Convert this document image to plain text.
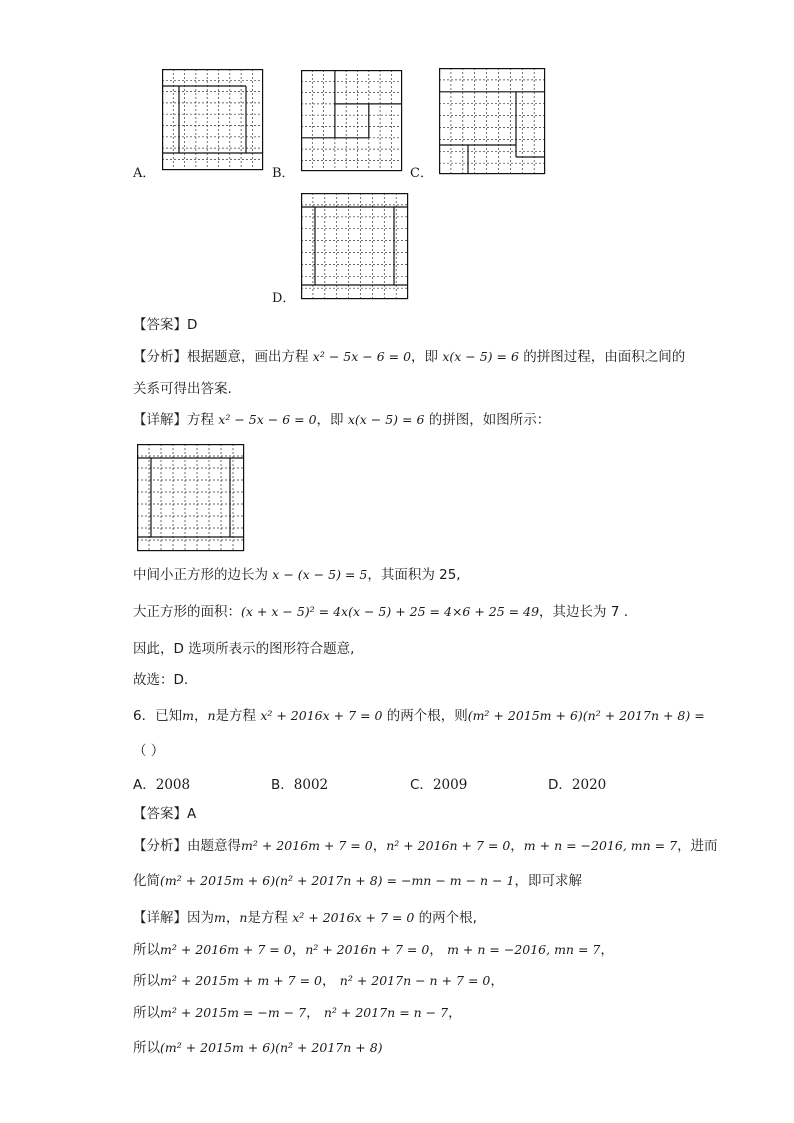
A．	B．	C．
D．
【答案】D
【分析】根据题意，画出方程 x² − 5x − 6 = 0，即 x(x − 5) = 6 的拼图过程，由面积之间的
关系可得出答案.
【详解】方程 x² − 5x − 6 = 0，即 x(x − 5) = 6 的拼图，如图所示：
中间小正方形的边长为 x − (x − 5) = 5，其面积为 25,
大正方形的面积：(x + x − 5)² = 4x(x − 5) + 25 = 4×6 + 25 = 49，其边长为 7 .
因此，D 选项所表示的图形符合题意,
故选：D.
6．已知m，n是方程 x² + 2016x + 7 = 0 的两个根，则(m² + 2015m + 6)(n² + 2017n + 8) =
（ ）
A．2008	B．8002	C．2009	D．2020
【答案】A
【分析】由题意得m² + 2016m + 7 = 0，n² + 2016n + 7 = 0，m + n = −2016, mn = 7，进而
化简(m² + 2015m + 6)(n² + 2017n + 8) = −mn − m − n − 1，即可求解
【详解】因为m，n是方程 x² + 2016x + 7 = 0 的两个根,
所以m² + 2016m + 7 = 0，n² + 2016n + 7 = 0， m + n = −2016, mn = 7，
所以m² + 2015m + m + 7 = 0， n² + 2017n − n + 7 = 0，
所以m² + 2015m = −m − 7， n² + 2017n = n − 7，
所以(m² + 2015m + 6)(n² + 2017n + 8)
